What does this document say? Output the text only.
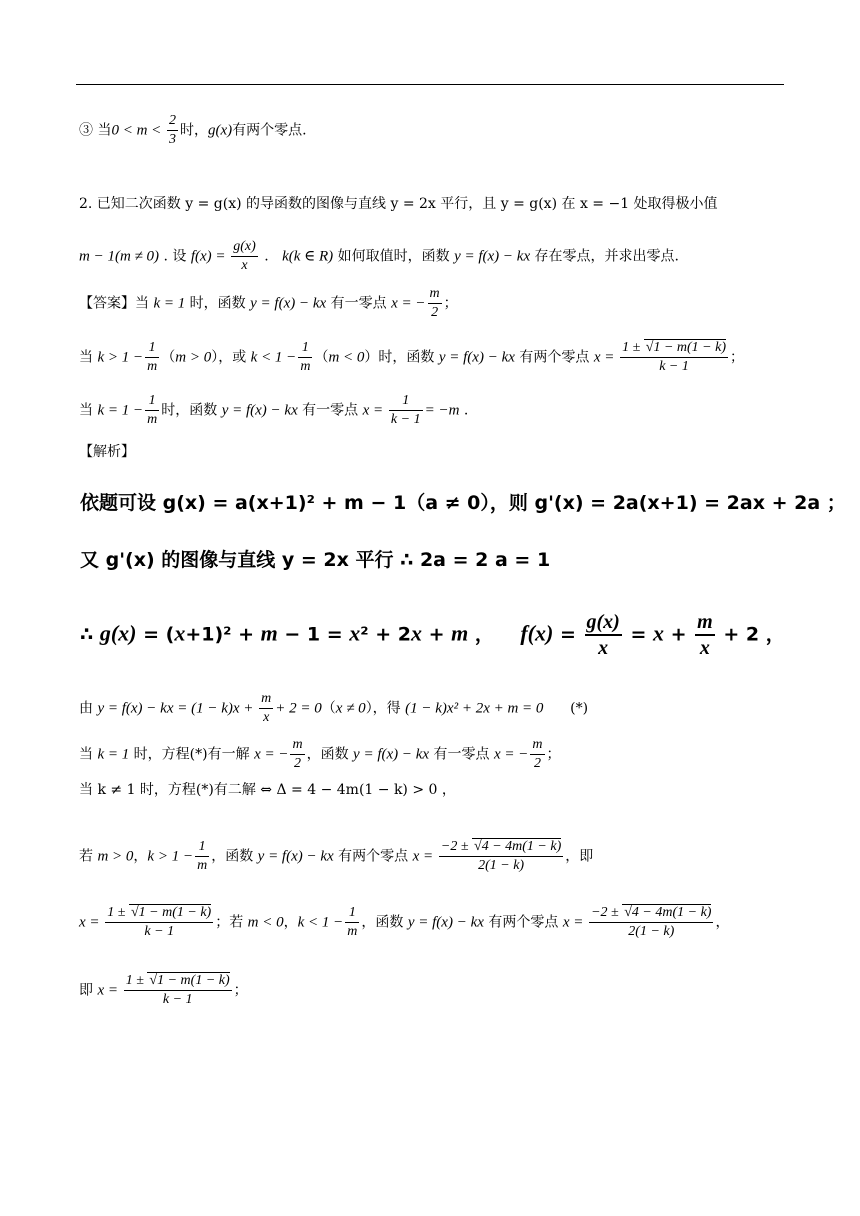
③ 当$0 < m < \frac{2}{3}$ 时，g(x)有两个零点.
2. 已知二次函数 y = g(x) 的导函数的图像与直线 y = 2x 平行，且 y = g(x) 在 x = −1 处取得极小值
m − 1(m ≠ 0) . 设 $f(x) = \frac{g(x)}{x}$ .   k(k ∈ R) 如何取值时，函数 y = f(x) − kx 存在零点，并求出零点.
【答案】当 k = 1 时，函数 y = f(x) − kx 有一零点 x = − $\frac{m}{2}$ ；
当 $k > 1 - \frac{1}{m} (m > 0)$，或 $k < 1 - \frac{1}{m} (m < 0)$时，函数 y = f(x) − kx 有两个零点 $x = \frac{1 \pm √1 - m(1 - k)}{k - 1}$ ；
当 $k = 1 - \frac{1}{m}$ 时，函数 y = f(x) − kx 有一零点 $x = \frac{1}{k - 1} = -m$ .
【解析】
依题可设 g(x) = a(x+1)² + m − 1（a ≠ 0），则 g'(x) = 2a(x+1) = 2ax + 2a ；
又 g'(x) 的图像与直线 y = 2x 平行 ∴ 2a = 2 a = 1
∴ g(x) = (x+1)² + m − 1 = x² + 2x + m ，    $f(x) = \frac{g(x)}{x} = x + \frac{m}{x} + 2$ ，
由 y = f(x) − kx = $(1 - k)x + \frac{m}{x} + 2 = 0(x \ne 0)$，得 (1 − k)x² + 2x + m = 0      (*)
当 k = 1 时，方程(*)有一解 x = − $\frac{m}{2}$ ，函数 y = f(x) − kx 有一零点 x = − $\frac{m}{2}$ ；
当 k ≠ 1 时，方程(*)有二解 ⇔ Δ = 4 − 4m(1 − k) > 0 ，
若 m > 0，$k > 1 - \frac{1}{m}$ ，函数 y = f(x) − kx 有两个零点 $x = \frac{-2 \pm √4 - 4m(1 - k)}{2(1 - k)}$ ，即
$x = \frac{1 \pm √1 - m(1 - k)}{k - 1}$ ；若 m < 0，$k < 1 - \frac{1}{m}$ ，函数 y = f(x) − kx 有两个零点 $x = \frac{-2 \pm √4 - 4m(1 - k)}{2(1 - k)}$ ，
即 $x = \frac{1 \pm √1 - m(1 - k)}{k - 1}$ ；
